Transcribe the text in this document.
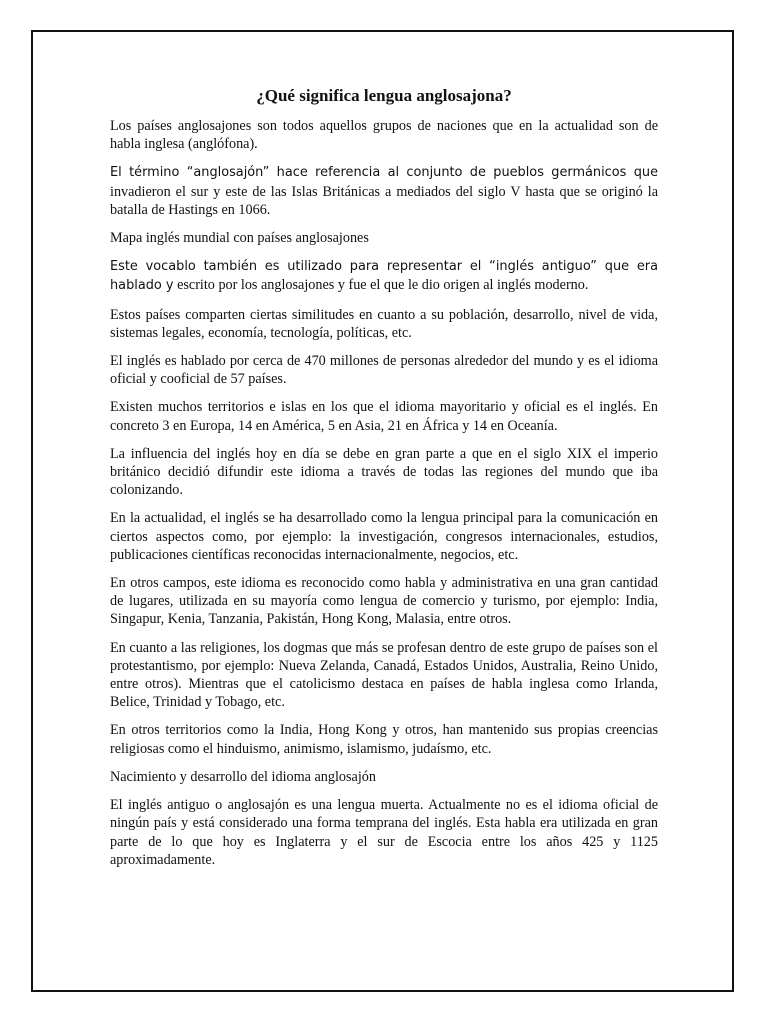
¿Qué significa lengua anglosajona?

Los países anglosajones son todos aquellos grupos de naciones que en la actualidad son de habla inglesa (anglófona).

El término “anglosajón” hace referencia al conjunto de pueblos germánicos que invadieron el sur y este de las Islas Británicas a mediados del siglo V hasta que se originó la batalla de Hastings en 1066.

Mapa inglés mundial con países anglosajones

Este vocablo también es utilizado para representar el “inglés antiguo” que era hablado y escrito por los anglosajones y fue el que le dio origen al inglés moderno.

Estos países comparten ciertas similitudes en cuanto a su población, desarrollo, nivel de vida, sistemas legales, economía, tecnología, políticas, etc.

El inglés es hablado por cerca de 470 millones de personas alrededor del mundo y es el idioma oficial y cooficial de 57 países.

Existen muchos territorios e islas en los que el idioma mayoritario y oficial es el inglés. En concreto 3 en Europa, 14 en América, 5 en Asia, 21 en África y 14 en Oceanía.

La influencia del inglés hoy en día se debe en gran parte a que en el siglo XIX el imperio británico decidió difundir este idioma a través de todas las regiones del mundo que iba colonizando.

En la actualidad, el inglés se ha desarrollado como la lengua principal para la comunicación en ciertos aspectos como, por ejemplo: la investigación, congresos internacionales, estudios, publicaciones científicas reconocidas internacionalmente, negocios, etc.

En otros campos, este idioma es reconocido como habla y administrativa en una gran cantidad de lugares, utilizada en su mayoría como lengua de comercio y turismo, por ejemplo: India, Singapur, Kenia, Tanzania, Pakistán, Hong Kong, Malasia, entre otros.

En cuanto a las religiones, los dogmas que más se profesan dentro de este grupo de países son el protestantismo, por ejemplo: Nueva Zelanda, Canadá, Estados Unidos, Australia, Reino Unido, entre otros). Mientras que el catolicismo destaca en países de habla inglesa como Irlanda, Belice, Trinidad y Tobago, etc.

En otros territorios como la India, Hong Kong y otros, han mantenido sus propias creencias religiosas como el hinduismo, animismo, islamismo, judaísmo, etc.

Nacimiento y desarrollo del idioma anglosajón

El inglés antiguo o anglosajón es una lengua muerta. Actualmente no es el idioma oficial de ningún país y está considerado una forma temprana del inglés. Esta habla era utilizada en gran parte de lo que hoy es Inglaterra y el sur de Escocia entre los años 425 y 1125 aproximadamente.
